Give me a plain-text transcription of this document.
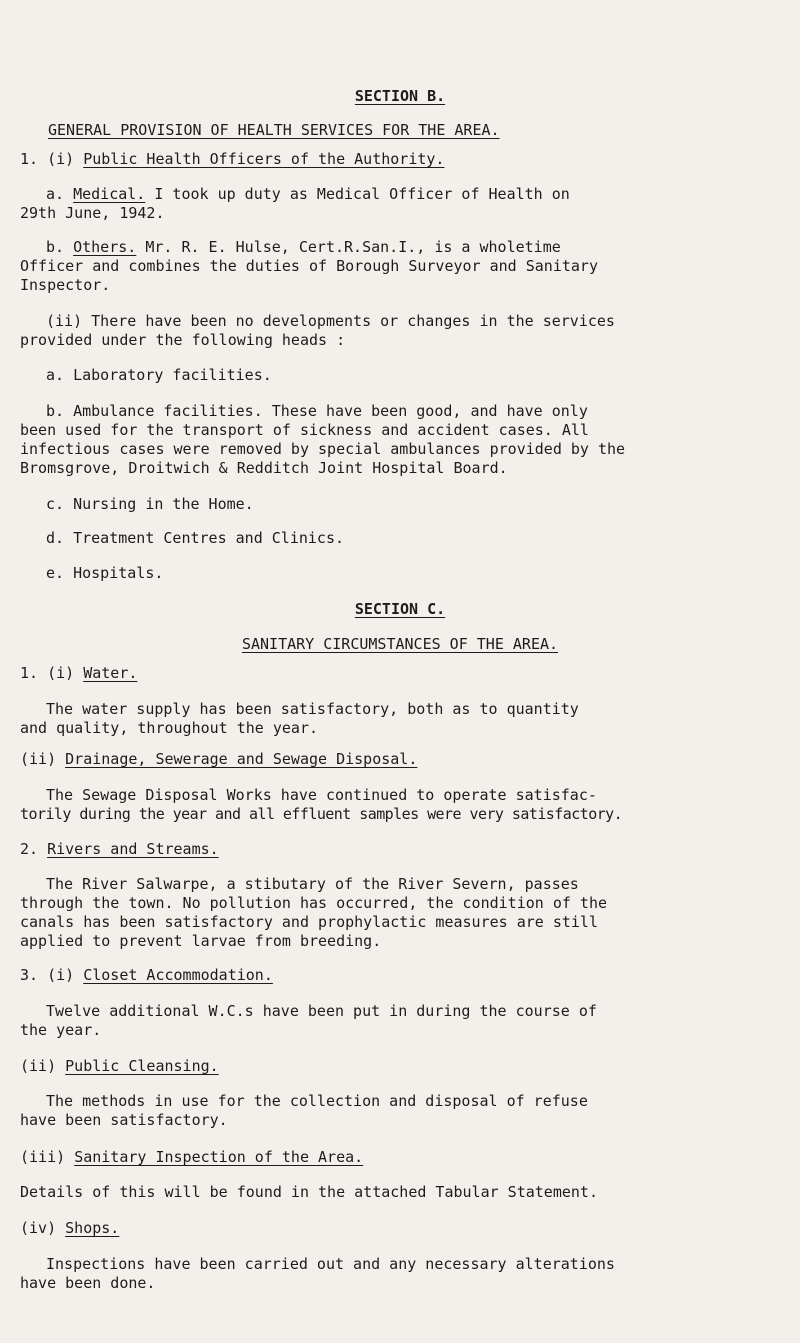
SECTION B.
GENERAL PROVISION OF HEALTH SERVICES FOR THE AREA.
1. (i) Public Health Officers of the Authority.
a. Medical. I took up duty as Medical Officer of Health on
29th June, 1942.
b. Others. Mr. R. E. Hulse, Cert.R.San.I., is a wholetime
Officer and combines the duties of Borough Surveyor and Sanitary
Inspector.
(ii) There have been no developments or changes in the services
provided under the following heads :
a. Laboratory facilities.
b. Ambulance facilities. These have been good, and have only
been used for the transport of sickness and accident cases. All
infectious cases were removed by special ambulances provided by the
Bromsgrove, Droitwich & Redditch Joint Hospital Board.
c. Nursing in the Home.
d. Treatment Centres and Clinics.
e. Hospitals.
SECTION C.
SANITARY CIRCUMSTANCES OF THE AREA.
1. (i) Water.
The water supply has been satisfactory, both as to quantity
and quality, throughout the year.
(ii) Drainage, Sewerage and Sewage Disposal.
The Sewage Disposal Works have continued to operate satisfac-
torily during the year and all effluent samples were very satisfactory.
2. Rivers and Streams.
The River Salwarpe, a stibutary of the River Severn, passes
through the town. No pollution has occurred, the condition of the
canals has been satisfactory and prophylactic measures are still
applied to prevent larvae from breeding.
3. (i) Closet Accommodation.
Twelve additional W.C.s have been put in during the course of
the year.
(ii) Public Cleansing.
The methods in use for the collection and disposal of refuse
have been satisfactory.
(iii) Sanitary Inspection of the Area.
Details of this will be found in the attached Tabular Statement.
(iv) Shops.
Inspections have been carried out and any necessary alterations
have been done.
